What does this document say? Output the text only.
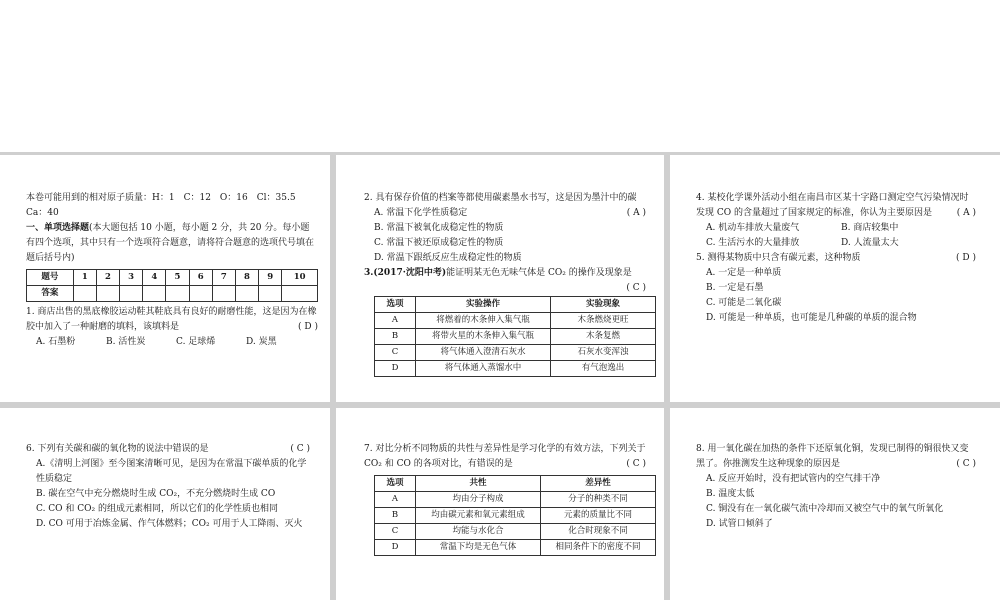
本卷可能用到的相对原子质量：H：1　C：12　O：16　Cl：35.5　Ca：40

一、单项选择题(本大题包括 10 小题，每小题 2 分，共 20 分。每小题有四个选项，其中只有一个选项符合题意，请将符合题意的选项代号填在题后括号内)

题号	1	2	3	4	5	6	7	8	9	10
答案										

1. 商店出售的黑底橡胶运动鞋其鞋底具有良好的耐磨性能，这是因为在橡胶中加入了一种耐磨的填料，该填料是	( D )

A. 石墨粉	B. 活性炭	C. 足球烯	D. 炭黑

2. 具有保存价值的档案等都使用碳素墨水书写，这是因为墨汁中的碳
( A )

A. 常温下化学性质稳定

B. 常温下被氧化成稳定性的物质

C. 常温下被还原成稳定性的物质

D. 常温下跟纸反应生成稳定性的物质

3.(2017·沈阳中考)能证明某无色无味气体是 CO₂ 的操作及现象是
( C )

选项	实验操作	实验现象
A	将燃着的木条伸入集气瓶	木条燃烧更旺
B	将带火星的木条伸入集气瓶	木条复燃
C	将气体通入澄清石灰水	石灰水变浑浊
D	将气体通入蒸馏水中	有气泡逸出

4. 某校化学课外活动小组在南昌市区某十字路口测定空气污染情况时发现 CO 的含量超过了国家规定的标准，你认为主要原因是	( A )

A. 机动车排放大量废气	B. 商店较集中

C. 生活污水的大量排放	D. 人流量太大

5. 测得某物质中只含有碳元素，这种物质	( D )

A. 一定是一种单质

B. 一定是石墨

C. 可能是二氧化碳

D. 可能是一种单质，也可能是几种碳的单质的混合物

6. 下列有关碳和碳的氧化物的说法中错误的是	( C )

A.《清明上河图》至今图案清晰可见，是因为在常温下碳单质的化学性质稳定

B. 碳在空气中充分燃烧时生成 CO₂，不充分燃烧时生成 CO

C. CO 和 CO₂ 的组成元素相同，所以它们的化学性质也相同

D. CO 可用于冶炼金属、作气体燃料；CO₂ 可用于人工降雨、灭火

7. 对比分析不同物质的共性与差异性是学习化学的有效方法，下列关于 CO₂ 和 CO 的各项对比，有错误的是	( C )

选项	共性	差异性
A	均由分子构成	分子的种类不同
B	均由碳元素和氧元素组成	元素的质量比不同
C	均能与水化合	化合时现象不同
D	常温下均是无色气体	相同条件下的密度不同

8. 用一氧化碳在加热的条件下还原氧化铜，发现已制得的铜很快又变黑了。你推测发生这种现象的原因是	( C )

A. 反应开始时，没有把试管内的空气排干净

B. 温度太低

C. 铜没有在一氧化碳气流中冷却而又被空气中的氧气所氧化

D. 试管口倾斜了
